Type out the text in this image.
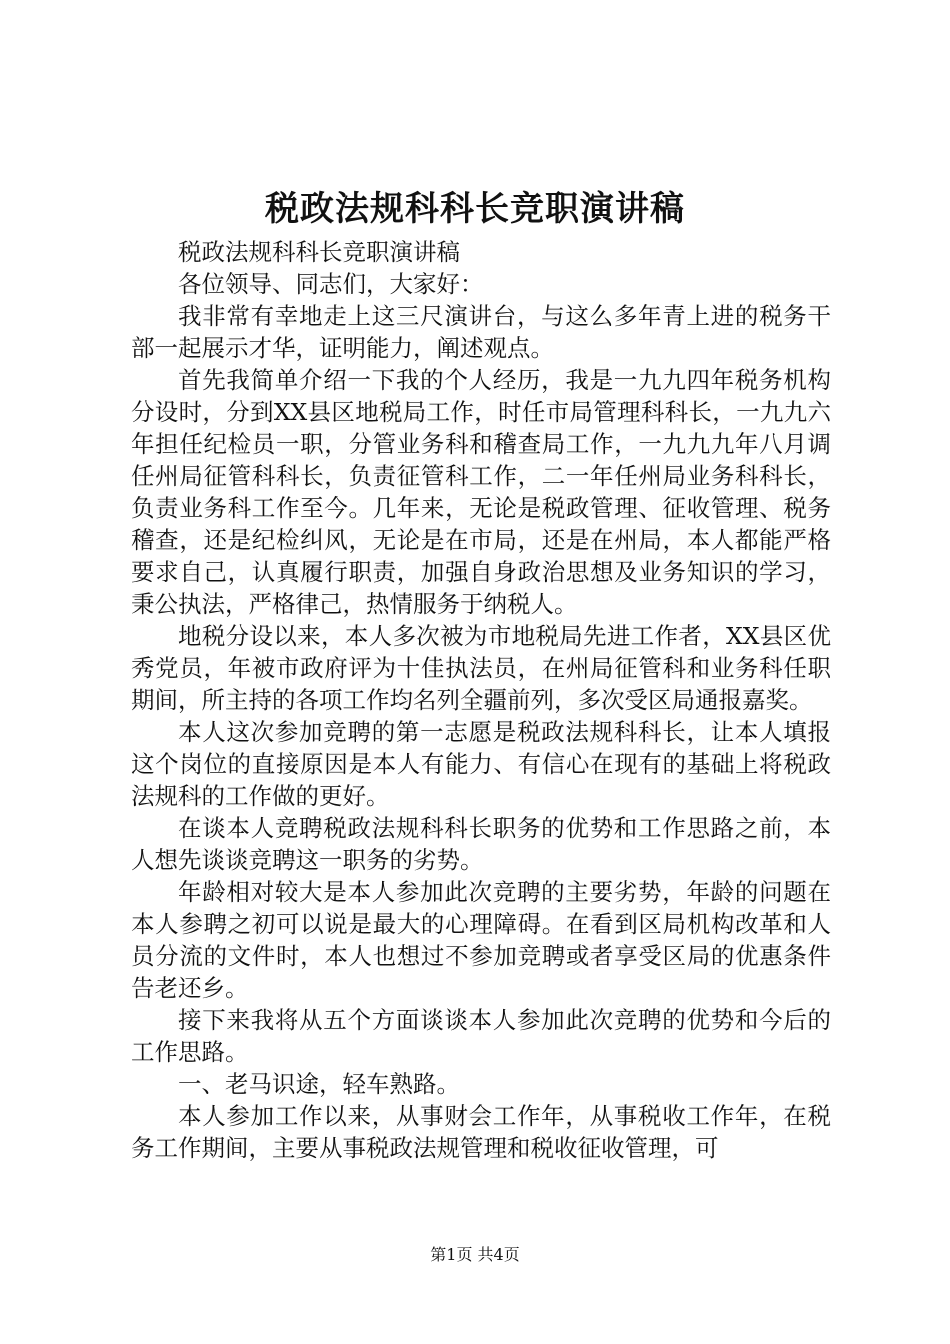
税政法规科科长竞职演讲稿

税政法规科科长竞职演讲稿

各位领导、同志们，大家好：

我非常有幸地走上这三尺演讲台，与这么多年青上进的税务干部一起展示才华，证明能力，阐述观点。

首先我简单介绍一下我的个人经历，我是一九九四年税务机构分设时，分到XX县区地税局工作，时任市局管理科科长，一九九六年担任纪检员一职，分管业务科和稽查局工作，一九九九年八月调任州局征管科科长，负责征管科工作，二一年任州局业务科科长，负责业务科工作至今。几年来，无论是税政管理、征收管理、税务稽查，还是纪检纠风，无论是在市局，还是在州局，本人都能严格要求自己，认真履行职责，加强自身政治思想及业务知识的学习，秉公执法，严格律己，热情服务于纳税人。

地税分设以来，本人多次被为市地税局先进工作者，XX县区优秀党员，年被市政府评为十佳执法员，在州局征管科和业务科任职期间，所主持的各项工作均名列全疆前列，多次受区局通报嘉奖。

本人这次参加竞聘的第一志愿是税政法规科科长，让本人填报这个岗位的直接原因是本人有能力、有信心在现有的基础上将税政法规科的工作做的更好。

在谈本人竞聘税政法规科科长职务的优势和工作思路之前，本人想先谈谈竞聘这一职务的劣势。

年龄相对较大是本人参加此次竞聘的主要劣势，年龄的问题在本人参聘之初可以说是最大的心理障碍。在看到区局机构改革和人员分流的文件时，本人也想过不参加竞聘或者享受区局的优惠条件告老还乡。

接下来我将从五个方面谈谈本人参加此次竞聘的优势和今后的工作思路。

一、老马识途，轻车熟路。

本人参加工作以来，从事财会工作年，从事税收工作年，在税务工作期间，主要从事税政法规管理和税收征收管理，可

第1页 共4页
